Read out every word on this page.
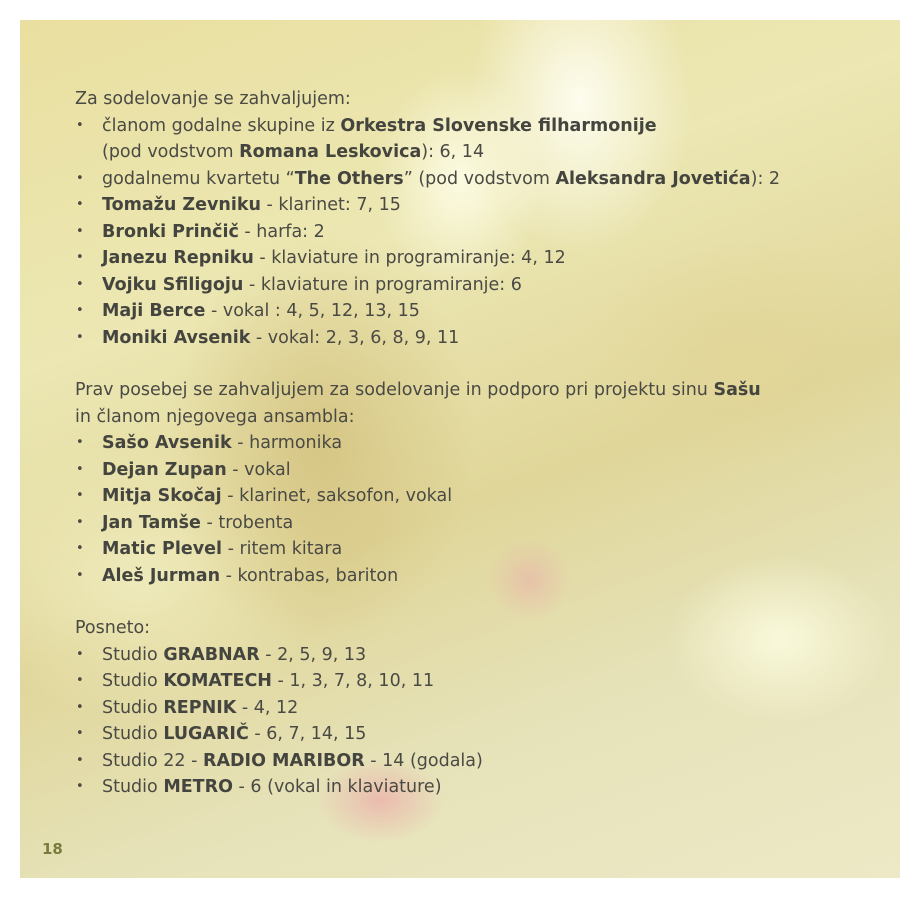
Za sodelovanje se zahvaljujem:

• članom godalne skupine iz Orkestra Slovenske filharmonije
(pod vodstvom Romana Leskovica): 6, 14
• godalnemu kvartetu “The Others” (pod vodstvom Aleksandra Jovetića): 2
• Tomažu Zevniku - klarinet: 7, 15
• Bronki Prinčič - harfa: 2
• Janezu Repniku - klaviature in programiranje: 4, 12
• Vojku Sfiligoju - klaviature in programiranje: 6
• Maji Berce - vokal : 4, 5, 12, 13, 15
• Moniki Avsenik - vokal: 2, 3, 6, 8, 9, 11

Prav posebej se zahvaljujem za sodelovanje in podporo pri projektu sinu Sašu
in članom njegovega ansambla:

• Sašo Avsenik - harmonika
• Dejan Zupan - vokal
• Mitja Skočaj - klarinet, saksofon, vokal
• Jan Tamše - trobenta
• Matic Plevel - ritem kitara
• Aleš Jurman - kontrabas, bariton

Posneto:

• Studio GRABNAR - 2, 5, 9, 13
• Studio KOMATECH - 1, 3, 7, 8, 10, 11
• Studio REPNIK - 4, 12
• Studio LUGARIČ - 6, 7, 14, 15
• Studio 22 - RADIO MARIBOR - 14 (godala)
• Studio METRO - 6 (vokal in klaviature)
18
